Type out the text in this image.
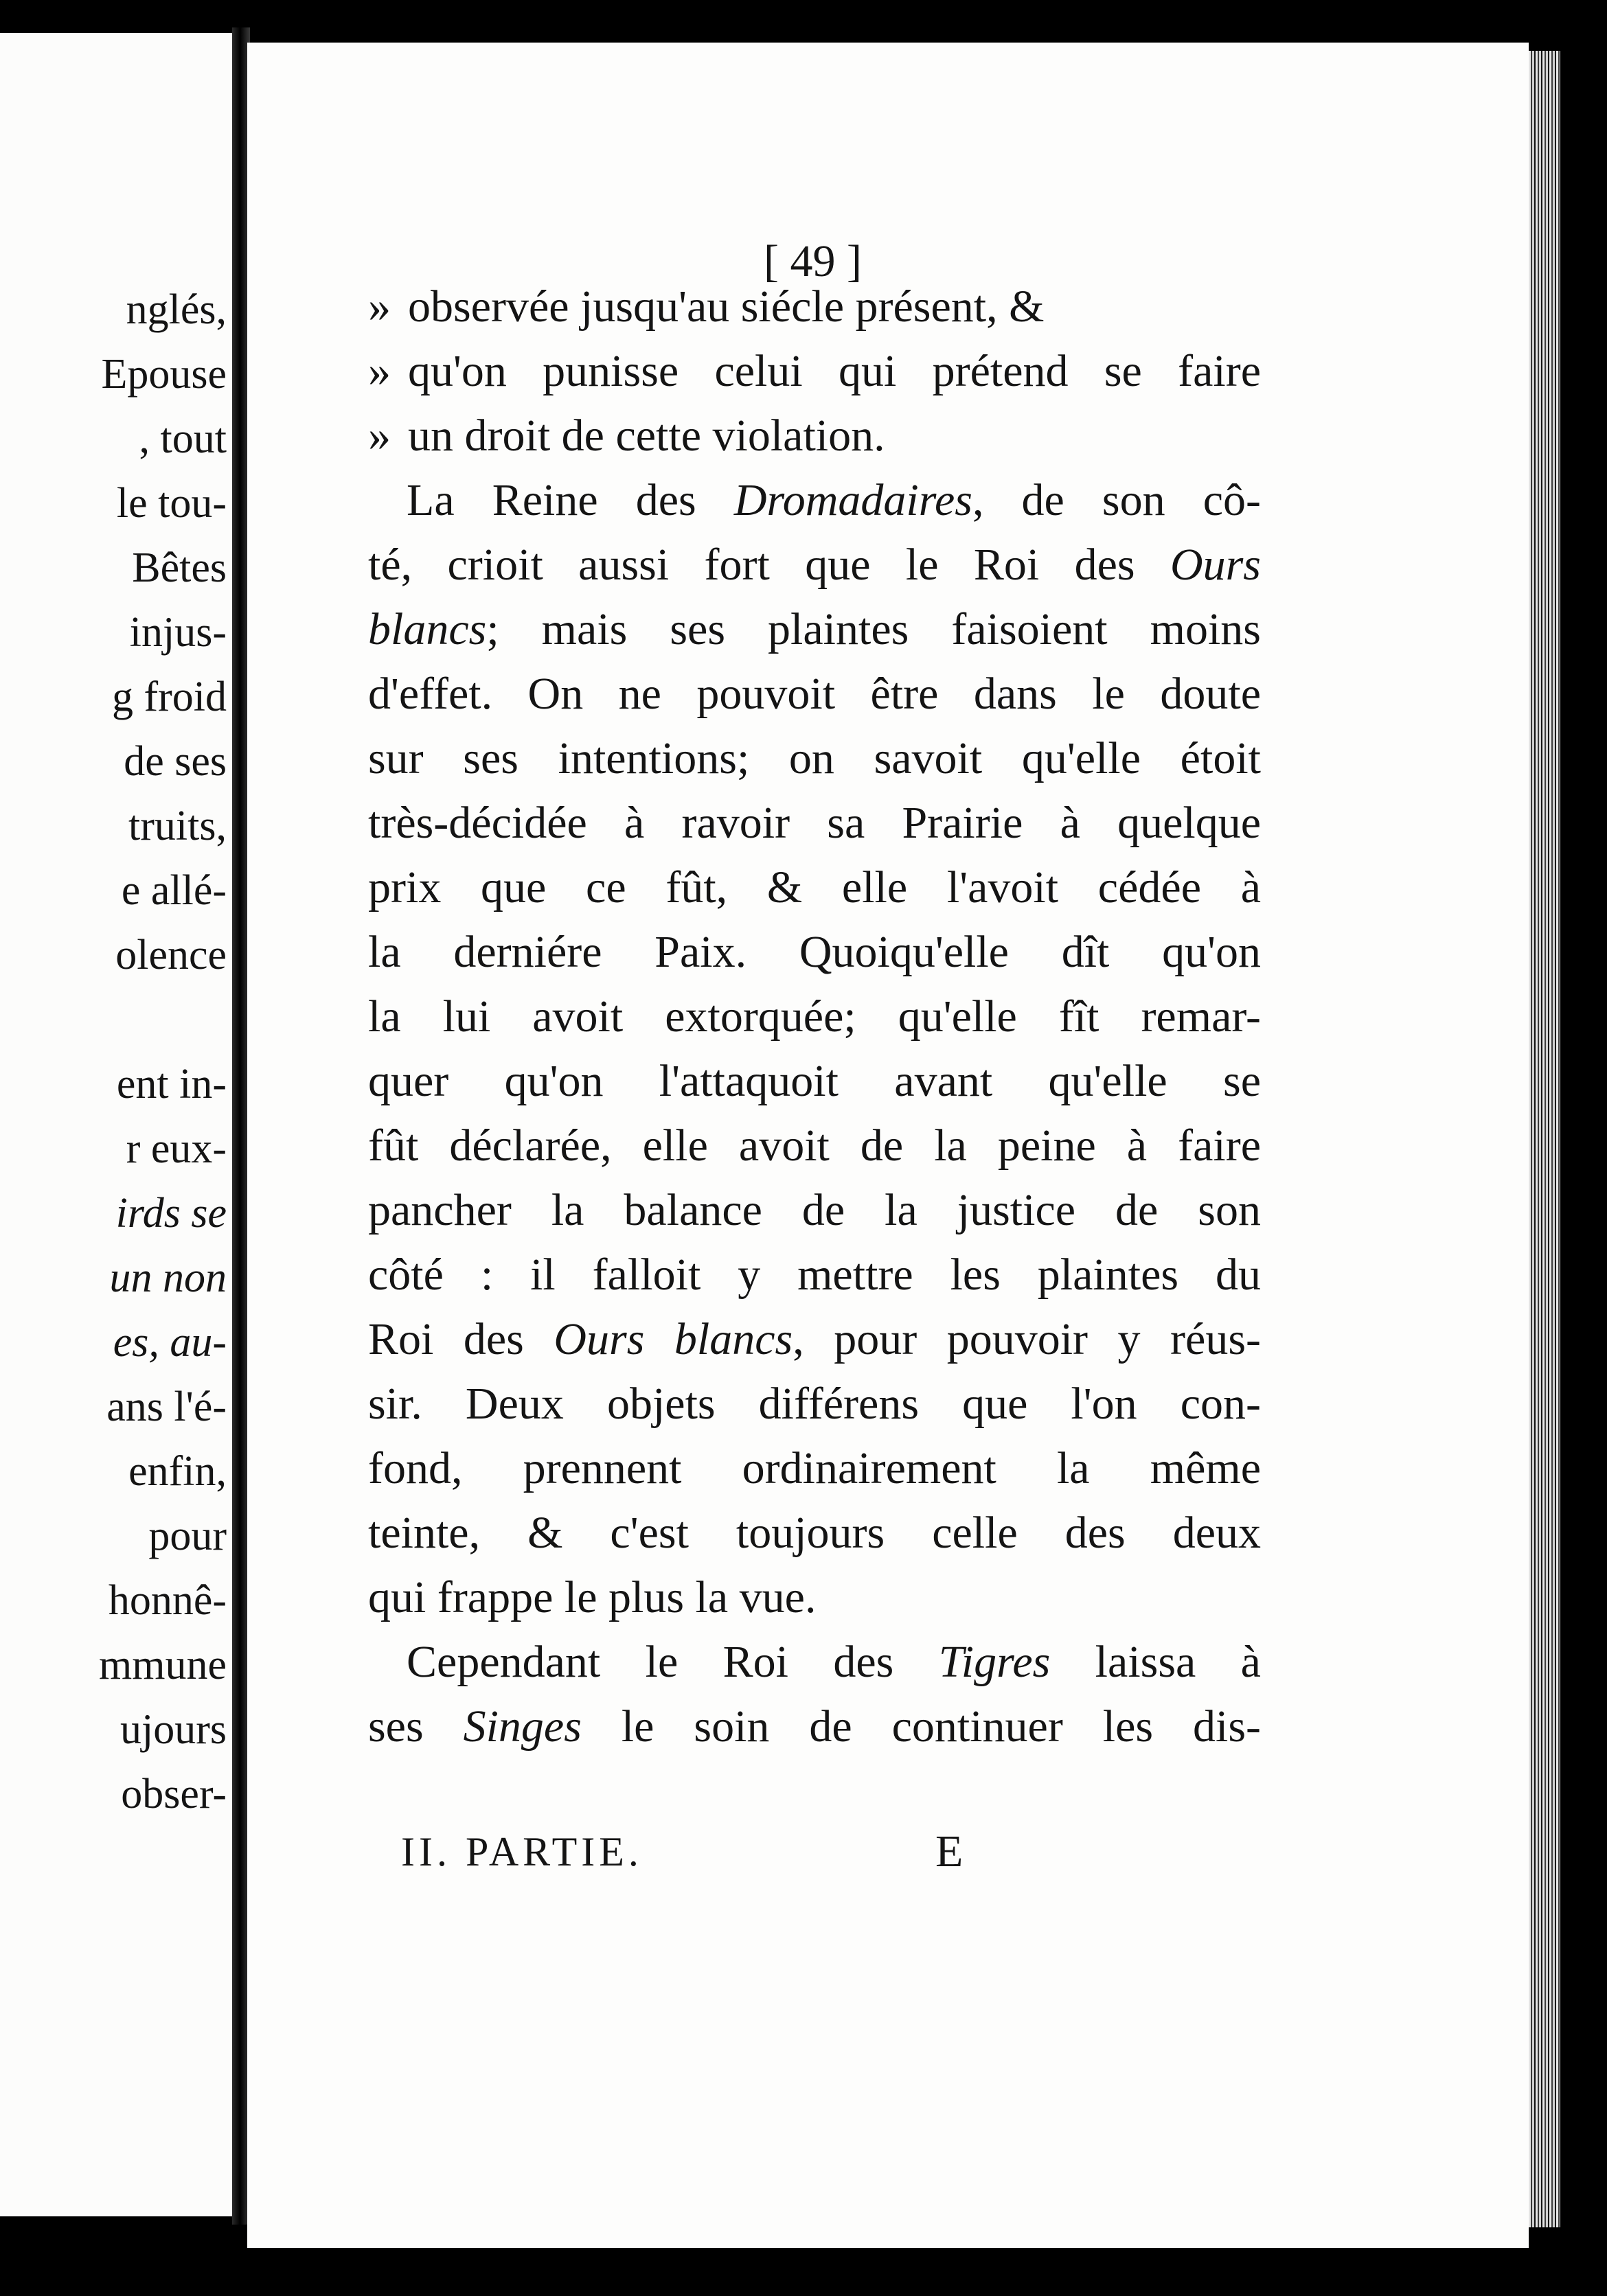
nglés,
Epouse
, tout
le tou-
Bêtes
injus-
g froid
de ses
truits,
e allé-
olence
ent in-
r eux-
irds se
un non
es, au-
ans l'é-
enfin,
pour
honnê-
mmune
ujours
obser-
[ 49 ]
» observée jusqu'au siécle présent, &
» qu'on punisse celui qui prétend se faire
» un droit de cette violation.
La Reine des Dromadaires, de son cô-
té, crioit aussi fort que le Roi des Ours
blancs; mais ses plaintes faisoient moins
d'effet. On ne pouvoit être dans le doute
sur ses intentions; on savoit qu'elle étoit
très-décidée à ravoir sa Prairie à quelque
prix que ce fût, & elle l'avoit cédée à
la derniére Paix. Quoiqu'elle dît qu'on
la lui avoit extorquée; qu'elle fît remar-
quer qu'on l'attaquoit avant qu'elle se
fût déclarée, elle avoit de la peine à faire
pancher la balance de la justice de son
côté : il falloit y mettre les plaintes du
Roi des Ours blancs, pour pouvoir y réus-
sir. Deux objets différens que l'on con-
fond, prennent ordinairement la même
teinte, & c'est toujours celle des deux
qui frappe le plus la vue.
Cependant le Roi des Tigres laissa à
ses Singes le soin de continuer les dis-
II. PARTIE.	E
